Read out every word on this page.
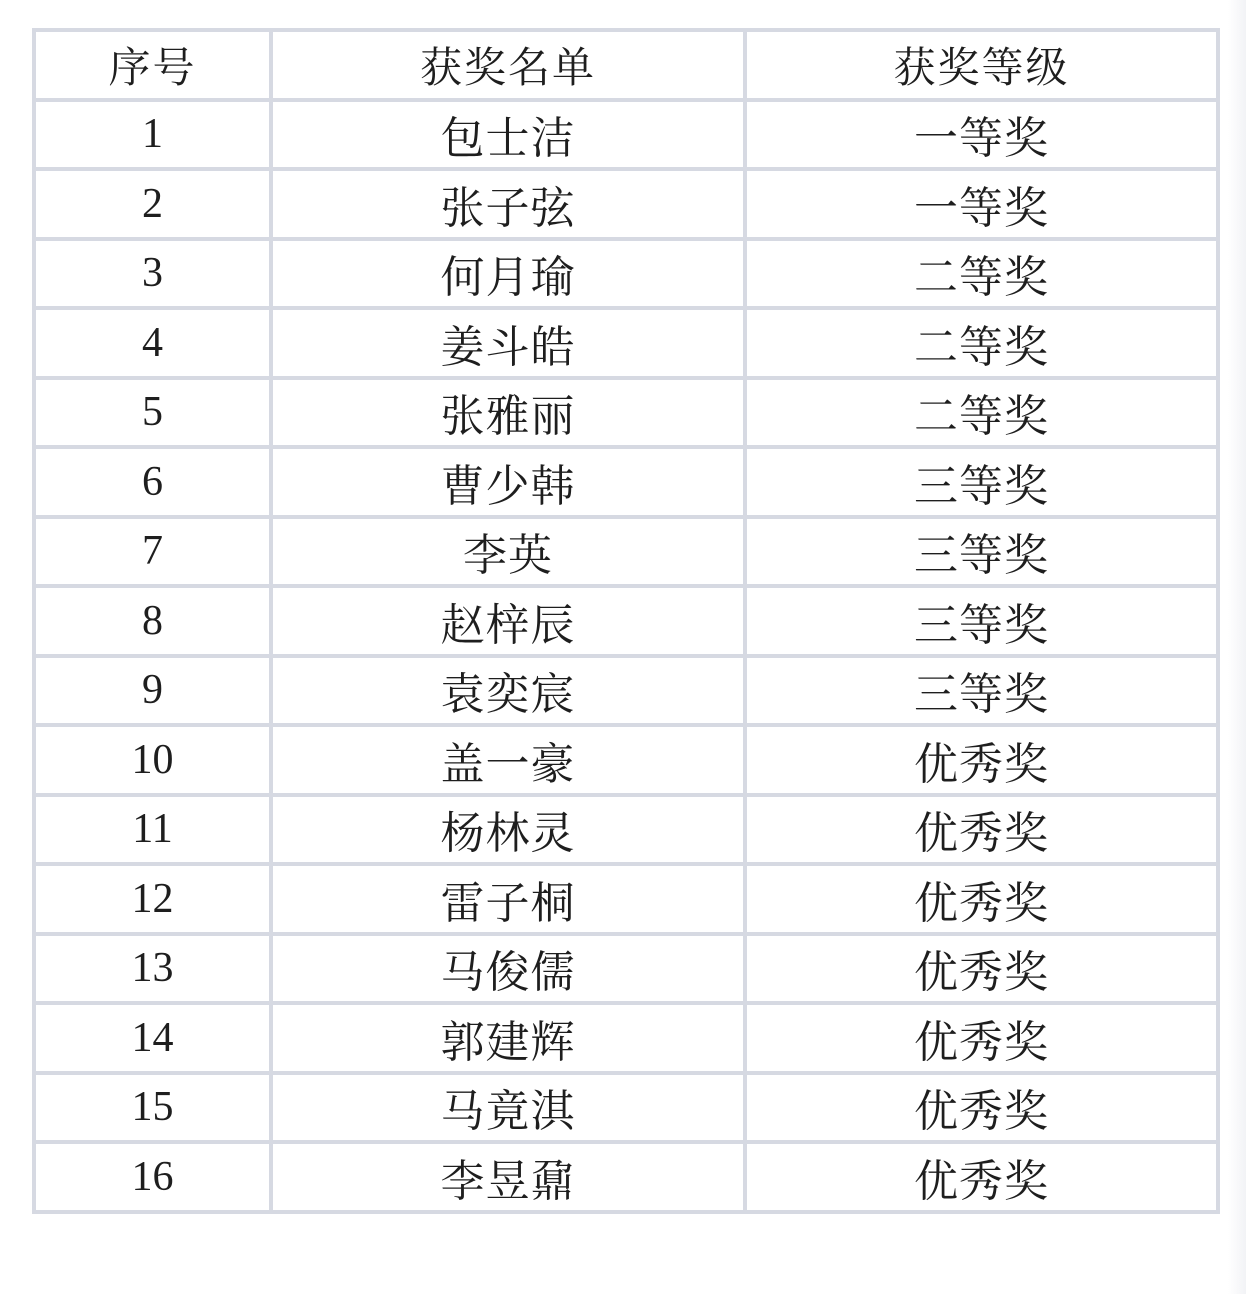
序号	获奖名单	获奖等级
1	包士洁	一等奖
2	张子弦	一等奖
3	何月瑜	二等奖
4	姜斗皓	二等奖
5	张雅丽	二等奖
6	曹少韩	三等奖
7	李英	三等奖
8	赵梓辰	三等奖
9	袁奕宸	三等奖
10	盖一豪	优秀奖
11	杨林灵	优秀奖
12	雷子桐	优秀奖
13	马俊儒	优秀奖
14	郭建辉	优秀奖
15	马竟淇	优秀奖
16	李昱鼐	优秀奖
